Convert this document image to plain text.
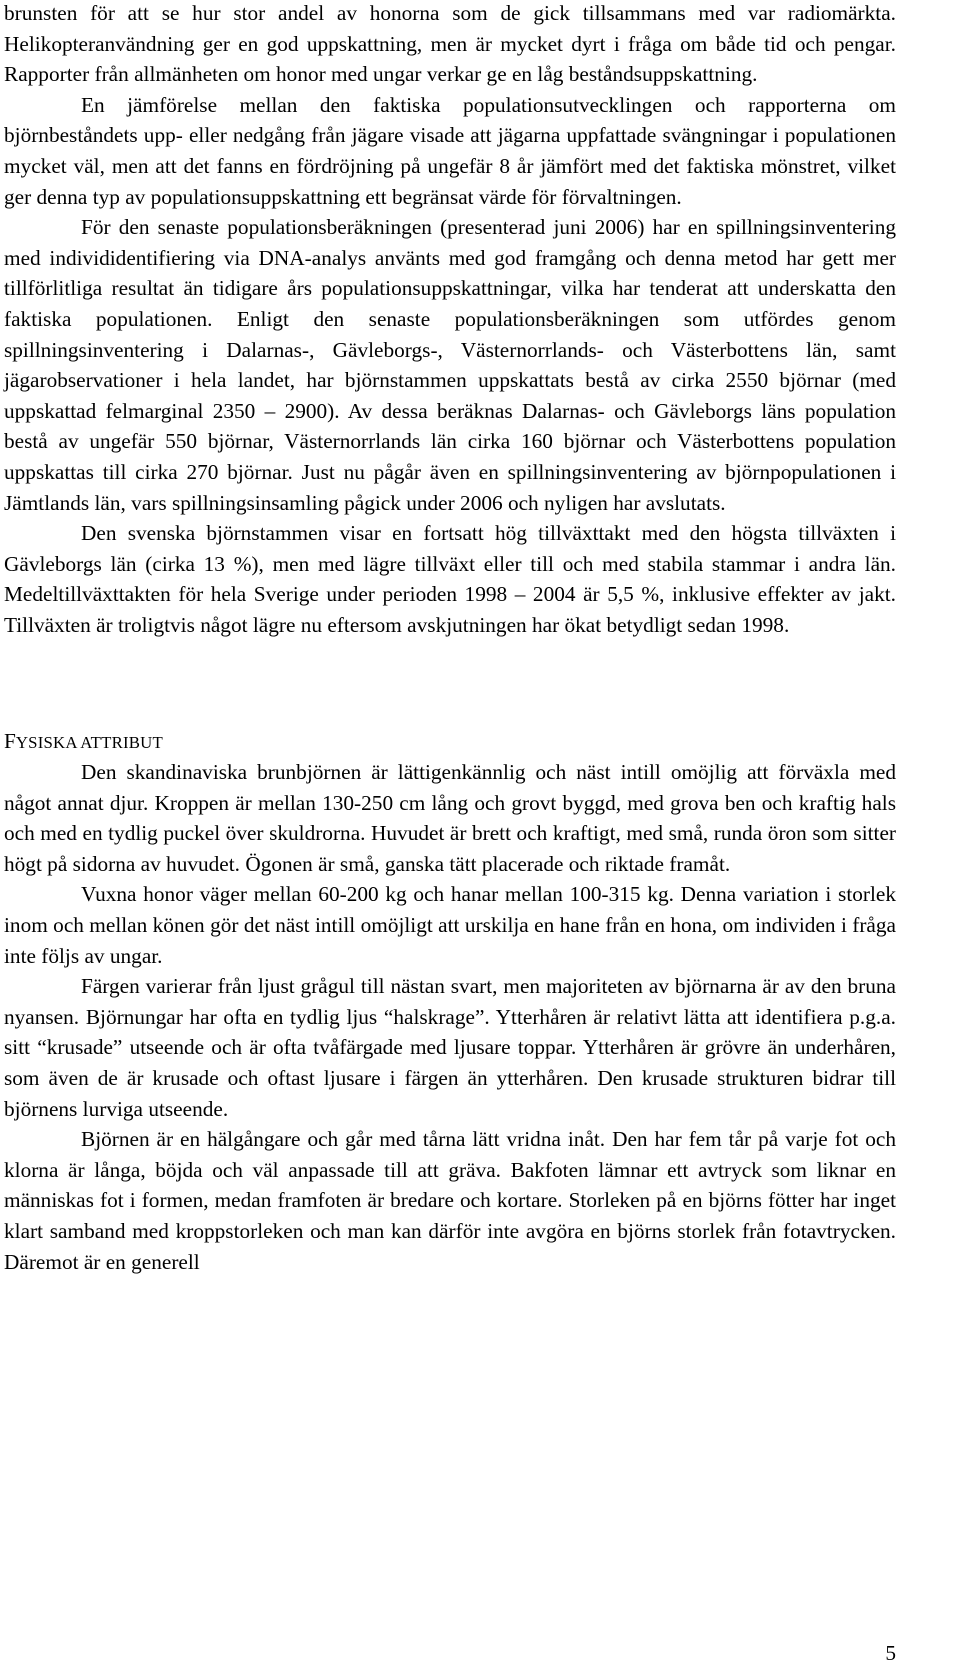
brunsten för att se hur stor andel av honorna som de gick tillsammans med var radiomärkta. Helikopteranvändning ger en god uppskattning, men är mycket dyrt i fråga om både tid och pengar. Rapporter från allmänheten om honor med ungar verkar ge en låg beståndsuppskattning.

En jämförelse mellan den faktiska populationsutvecklingen och rapporterna om björnbeståndets upp- eller nedgång från jägare visade att jägarna uppfattade svängningar i populationen mycket väl, men att det fanns en fördröjning på ungefär 8 år jämfört med det faktiska mönstret, vilket ger denna typ av populationsuppskattning ett begränsat värde för förvaltningen.

För den senaste populationsberäkningen (presenterad juni 2006) har en spillningsinventering med individidentifiering via DNA-analys använts med god framgång och denna metod har gett mer tillförlitliga resultat än tidigare års populationsuppskattningar, vilka har tenderat att underskatta den faktiska populationen. Enligt den senaste populationsberäkningen som utfördes genom spillningsinventering i Dalarnas-, Gävleborgs-, Västernorrlands- och Västerbottens län, samt jägarobservationer i hela landet, har björnstammen uppskattats bestå av cirka 2550 björnar (med uppskattad felmarginal 2350 – 2900). Av dessa beräknas Dalarnas- och Gävleborgs läns population bestå av ungefär 550 björnar, Västernorrlands län cirka 160 björnar och Västerbottens population uppskattas till cirka 270 björnar. Just nu pågår även en spillningsinventering av björnpopulationen i Jämtlands län, vars spillningsinsamling pågick under 2006 och nyligen har avslutats.

Den svenska björnstammen visar en fortsatt hög tillväxttakt med den högsta tillväxten i Gävleborgs län (cirka 13 %), men med lägre tillväxt eller till och med stabila stammar i andra län. Medeltillväxttakten för hela Sverige under perioden 1998 – 2004 är 5,5 %, inklusive effekter av jakt. Tillväxten är troligtvis något lägre nu eftersom avskjutningen har ökat betydligt sedan 1998.

FYSISKA ATTRIBUT

Den skandinaviska brunbjörnen är lättigenkännlig och näst intill omöjlig att förväxla med något annat djur. Kroppen är mellan 130-250 cm lång och grovt byggd, med grova ben och kraftig hals och med en tydlig puckel över skuldrorna. Huvudet är brett och kraftigt, med små, runda öron som sitter högt på sidorna av huvudet. Ögonen är små, ganska tätt placerade och riktade framåt.

Vuxna honor väger mellan 60-200 kg och hanar mellan 100-315 kg. Denna variation i storlek inom och mellan könen gör det näst intill omöjligt att urskilja en hane från en hona, om individen i fråga inte följs av ungar.

Färgen varierar från ljust grågul till nästan svart, men majoriteten av björnarna är av den bruna nyansen. Björnungar har ofta en tydlig ljus “halskrage”. Ytterhåren är relativt lätta att identifiera p.g.a. sitt “krusade” utseende och är ofta tvåfärgade med ljusare toppar. Ytterhåren är grövre än underhåren, som även de är krusade och oftast ljusare i färgen än ytterhåren. Den krusade strukturen bidrar till björnens lurviga utseende.

Björnen är en hälgångare och går med tårna lätt vridna inåt. Den har fem tår på varje fot och klorna är långa, böjda och väl anpassade till att gräva. Bakfoten lämnar ett avtryck som liknar en människas fot i formen, medan framfoten är bredare och kortare. Storleken på en björns fötter har inget klart samband med kroppstorleken och man kan därför inte avgöra en björns storlek från fotavtrycken. Däremot är en generell

5
